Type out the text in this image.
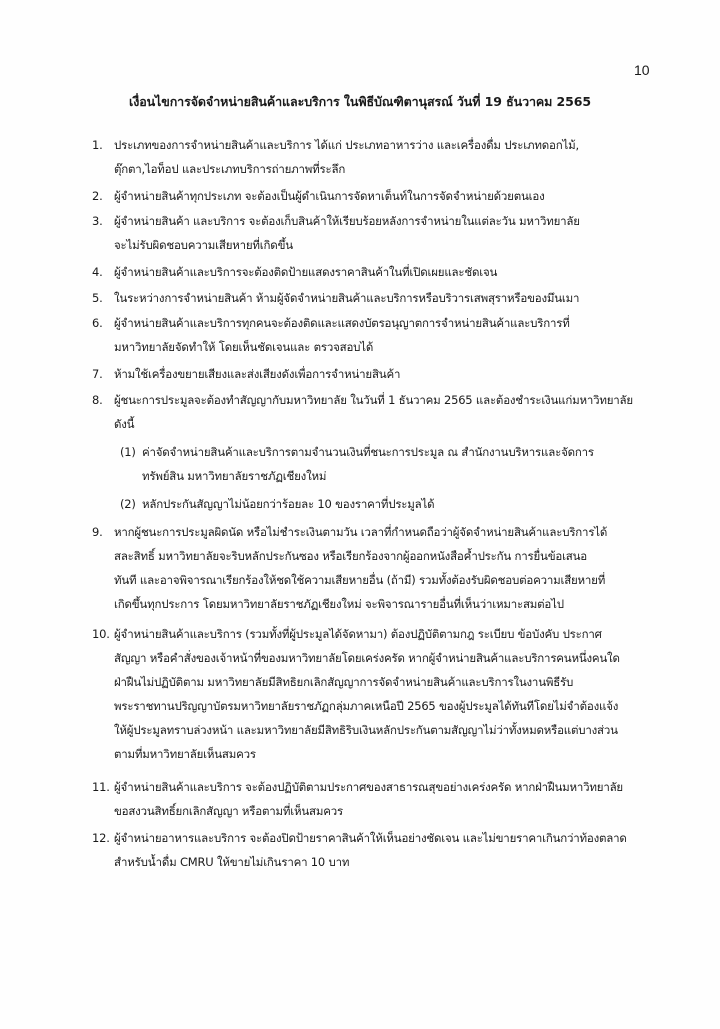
10
เงื่อนไขการจัดจำหน่ายสินค้าและบริการ ในพิธีบัณฑิตานุสรณ์ วันที่ 19 ธันวาคม 2565
1. ประเภทของการจำหน่ายสินค้าและบริการ ได้แก่ ประเภทอาหารว่าง และเครื่องดื่ม ประเภทดอกไม้,
ตุ๊กตา,ไอท็อป และประเภทบริการถ่ายภาพที่ระลึก
2. ผู้จำหน่ายสินค้าทุกประเภท จะต้องเป็นผู้ดำเนินการจัดหาเต็นท์ในการจัดจำหน่ายด้วยตนเอง
3. ผู้จำหน่ายสินค้า และบริการ จะต้องเก็บสินค้าให้เรียบร้อยหลังการจำหน่ายในแต่ละวัน มหาวิทยาลัย
จะไม่รับผิดชอบความเสียหายที่เกิดขึ้น
4. ผู้จำหน่ายสินค้าและบริการจะต้องติดป้ายแสดงราคาสินค้าในที่เปิดเผยและชัดเจน
5. ในระหว่างการจำหน่ายสินค้า ห้ามผู้จัดจำหน่ายสินค้าและบริการหรือบริวารเสพสุราหรือของมึนเมา
6. ผู้จำหน่ายสินค้าและบริการทุกคนจะต้องติดและแสดงบัตรอนุญาตการจำหน่ายสินค้าและบริการที่
มหาวิทยาลัยจัดทำให้ โดยเห็นชัดเจนและ ตรวจสอบได้
7. ห้ามใช้เครื่องขยายเสียงและส่งเสียงดังเพื่อการจำหน่ายสินค้า
8. ผู้ชนะการประมูลจะต้องทำสัญญากับมหาวิทยาลัย ในวันที่ 1 ธันวาคม 2565 และต้องชำระเงินแก่มหาวิทยาลัย
ดังนี้
(1) ค่าจัดจำหน่ายสินค้าและบริการตามจำนวนเงินที่ชนะการประมูล ณ สำนักงานบริหารและจัดการ
ทรัพย์สิน มหาวิทยาลัยราชภัฏเชียงใหม่
(2) หลักประกันสัญญาไม่น้อยกว่าร้อยละ 10 ของราคาที่ประมูลได้
9. หากผู้ชนะการประมูลผิดนัด หรือไม่ชำระเงินตามวัน เวลาที่กำหนดถือว่าผู้จัดจำหน่ายสินค้าและบริการได้
สละสิทธิ์ มหาวิทยาลัยจะริบหลักประกันซอง หรือเรียกร้องจากผู้ออกหนังสือค้ำประกัน การยื่นข้อเสนอ
ทันที และอาจพิจารณาเรียกร้องให้ชดใช้ความเสียหายอื่น (ถ้ามี) รวมทั้งต้องรับผิดชอบต่อความเสียหายที่
เกิดขึ้นทุกประการ โดยมหาวิทยาลัยราชภัฏเชียงใหม่ จะพิจารณารายอื่นที่เห็นว่าเหมาะสมต่อไป
10. ผู้จำหน่ายสินค้าและบริการ (รวมทั้งที่ผู้ประมูลได้จัดหามา) ต้องปฏิบัติตามกฎ ระเบียบ ข้อบังคับ ประกาศ
สัญญา หรือคำสั่งของเจ้าหน้าที่ของมหาวิทยาลัยโดยเคร่งครัด หากผู้จำหน่ายสินค้าและบริการคนหนึ่งคนใด
ฝ่าฝืนไม่ปฏิบัติตาม มหาวิทยาลัยมีสิทธิยกเลิกสัญญาการจัดจำหน่ายสินค้าและบริการในงานพิธีรับ
พระราชทานปริญญาบัตรมหาวิทยาลัยราชภัฏกลุ่มภาคเหนือปี 2565 ของผู้ประมูลได้ทันทีโดยไม่จำต้องแจ้ง
ให้ผู้ประมูลทราบล่วงหน้า และมหาวิทยาลัยมีสิทธิริบเงินหลักประกันตามสัญญาไม่ว่าทั้งหมดหรือแต่บางส่วน
ตามที่มหาวิทยาลัยเห็นสมควร
11. ผู้จำหน่ายสินค้าและบริการ จะต้องปฏิบัติตามประกาศของสาธารณสุขอย่างเคร่งครัด หากฝ่าฝืนมหาวิทยาลัย
ขอสงวนสิทธิ์ยกเลิกสัญญา หรือตามที่เห็นสมควร
12. ผู้จำหน่ายอาหารและบริการ จะต้องปิดป้ายราคาสินค้าให้เห็นอย่างชัดเจน และไม่ขายราคาเกินกว่าท้องตลาด
สำหรับน้ำดื่ม CMRU ให้ขายไม่เกินราคา 10 บาท
